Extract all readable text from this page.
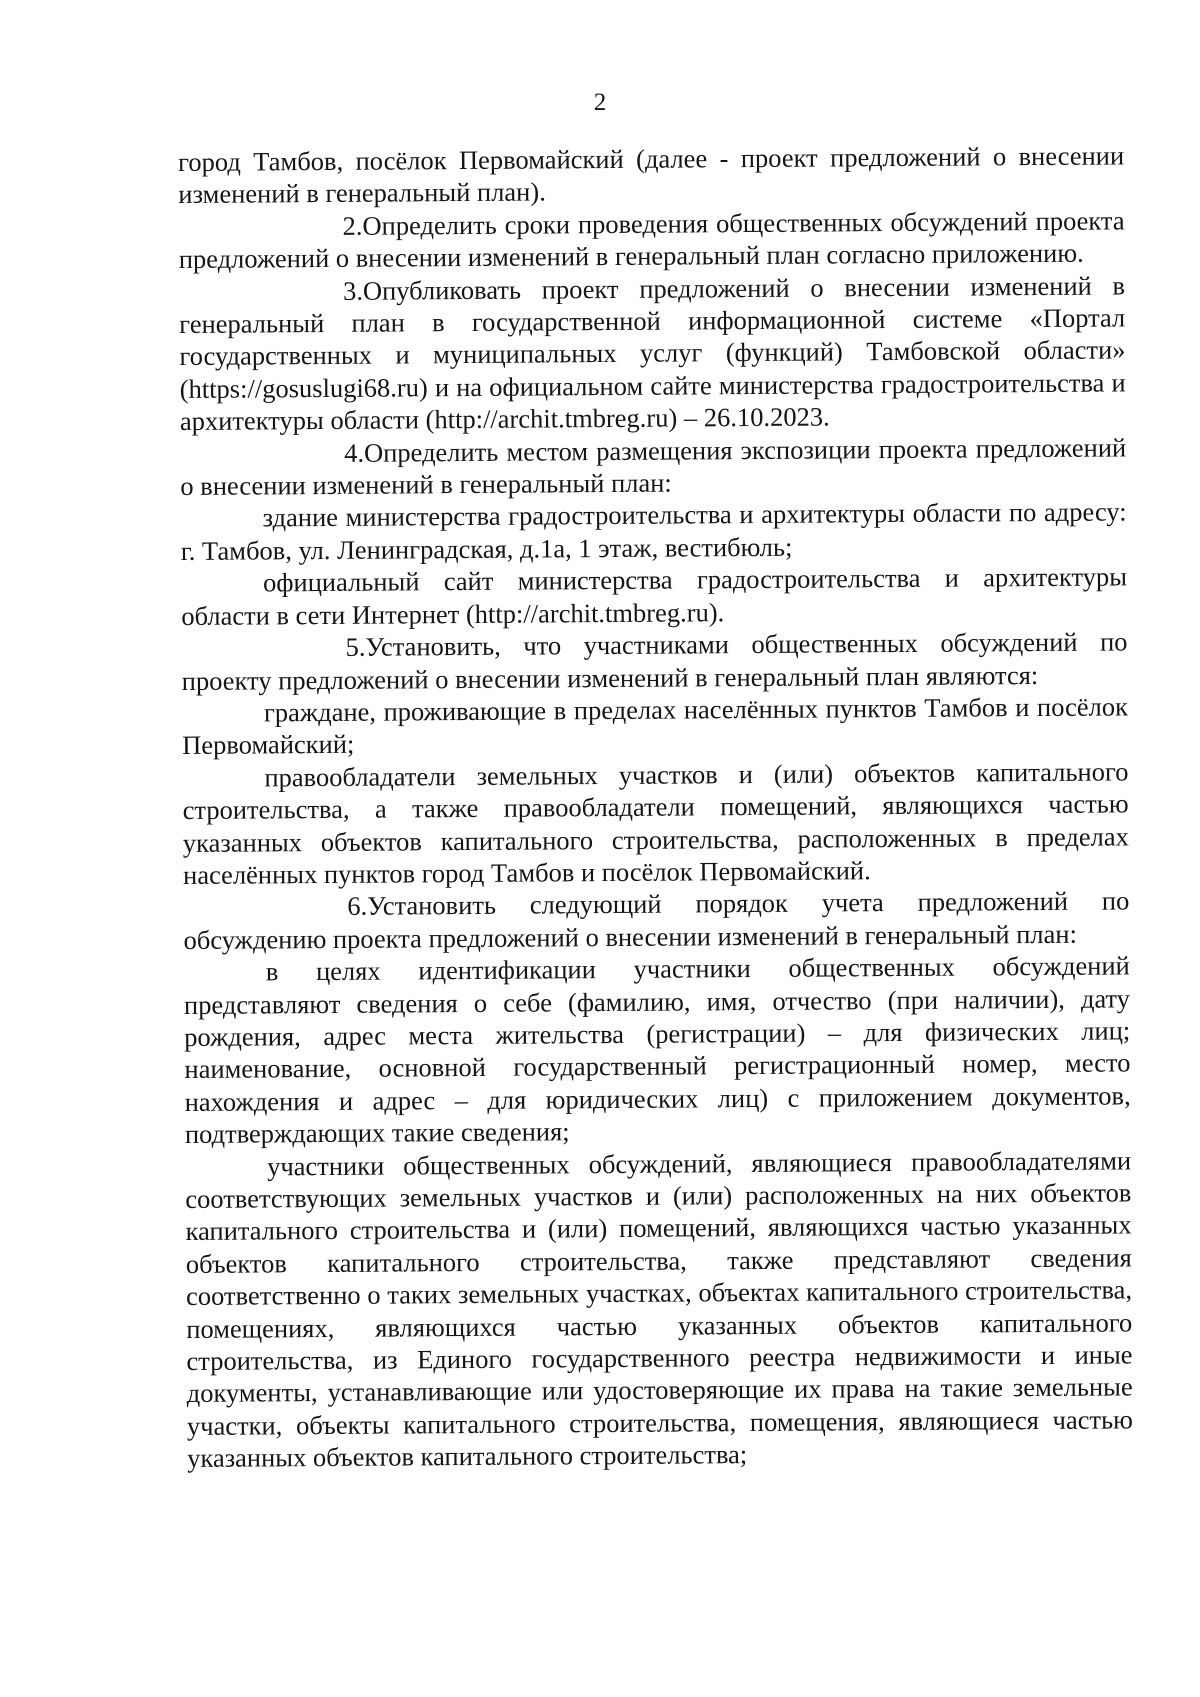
2

город Тамбов, посёлок Первомайский (далее - проект предложений о внесении изменений в генеральный план).

2.Определить сроки проведения общественных обсуждений проекта предложений о внесении изменений в генеральный план согласно приложению.

3.Опубликовать проект предложений о внесении изменений в генеральный план в государственной информационной системе «Портал государственных и муниципальных услуг (функций) Тамбовской области» (https://gosuslugi68.ru) и на официальном сайте министерства градостроительства и архитектуры области (http://archit.tmbreg.ru) – 26.10.2023.

4.Определить местом размещения экспозиции проекта предложений о внесении изменений в генеральный план:

здание министерства градостроительства и архитектуры области по адресу: г. Тамбов, ул. Ленинградская, д.1а, 1 этаж, вестибюль;

официальный сайт министерства градостроительства и архитектуры области в сети Интернет (http://archit.tmbreg.ru).

5.Установить, что участниками общественных обсуждений по проекту предложений о внесении изменений в генеральный план являются:

граждане, проживающие в пределах населённых пунктов Тамбов и посёлок Первомайский;

правообладатели земельных участков и (или) объектов капитального строительства, а также правообладатели помещений, являющихся частью указанных объектов капитального строительства, расположенных в пределах населённых пунктов город Тамбов и посёлок Первомайский.

6.Установить следующий порядок учета предложений по обсуждению проекта предложений о внесении изменений в генеральный план:

в целях идентификации участники общественных обсуждений представляют сведения о себе (фамилию, имя, отчество (при наличии), дату рождения, адрес места жительства (регистрации) – для физических лиц; наименование, основной государственный регистрационный номер, место нахождения и адрес – для юридических лиц) с приложением документов, подтверждающих такие сведения;

участники общественных обсуждений, являющиеся правообладателями соответствующих земельных участков и (или) расположенных на них объектов капитального строительства и (или) помещений, являющихся частью указанных объектов капитального строительства, также представляют сведения соответственно о таких земельных участках, объектах капитального строительства, помещениях, являющихся частью указанных объектов капитального строительства, из Единого государственного реестра недвижимости и иные документы, устанавливающие или удостоверяющие их права на такие земельные участки, объекты капитального строительства, помещения, являющиеся частью указанных объектов капитального строительства;
